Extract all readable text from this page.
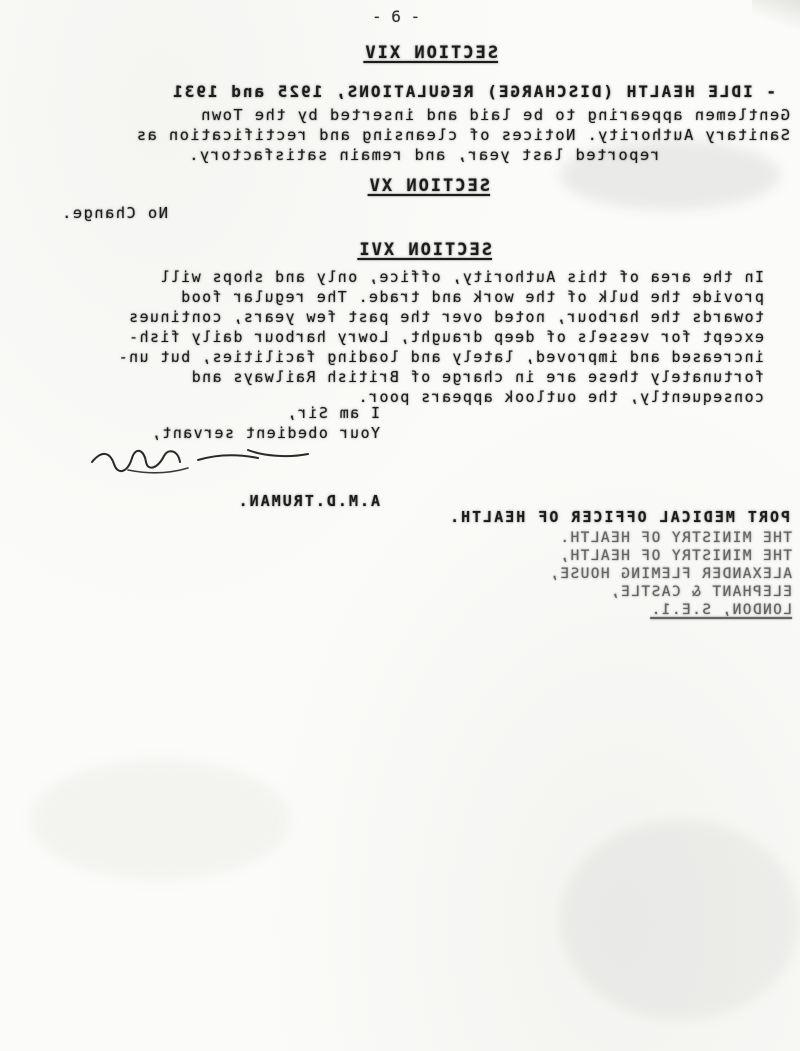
- 6 -
SECTION XIV
- IDLE HEALTH (DISCHARGE) REGULATIONS, 1925 and 1931
Gentlemen appearing to be laid and inserted by the Town
Sanitary Authority. Notices of cleansing and rectification as
reported last year, and remain satisfactory.
SECTION XV
No Change.
SECTION XVI
In the area of this Authority, office, only and shops will
provide the bulk of the work and trade. The regular food
towards the harbour, noted over the past few years, continues
except for vessels of deep draught, Lowry harbour daily fish-
increased and improved, lately and loading facilities, but un-
fortunately these are in charge of British Railways and
consequently, the outlook appears poor.
I am Sir,
Your obedient servant,
A.M.D.TRUMAN.
PORT MEDICAL OFFICER OF HEALTH.
THE MINISTRY OF HEALTH.
THE MINISTRY OF HEALTH,
ALEXANDER FLEMING HOUSE,
ELEPHANT & CASTLE,
LONDON, S.E.1.
